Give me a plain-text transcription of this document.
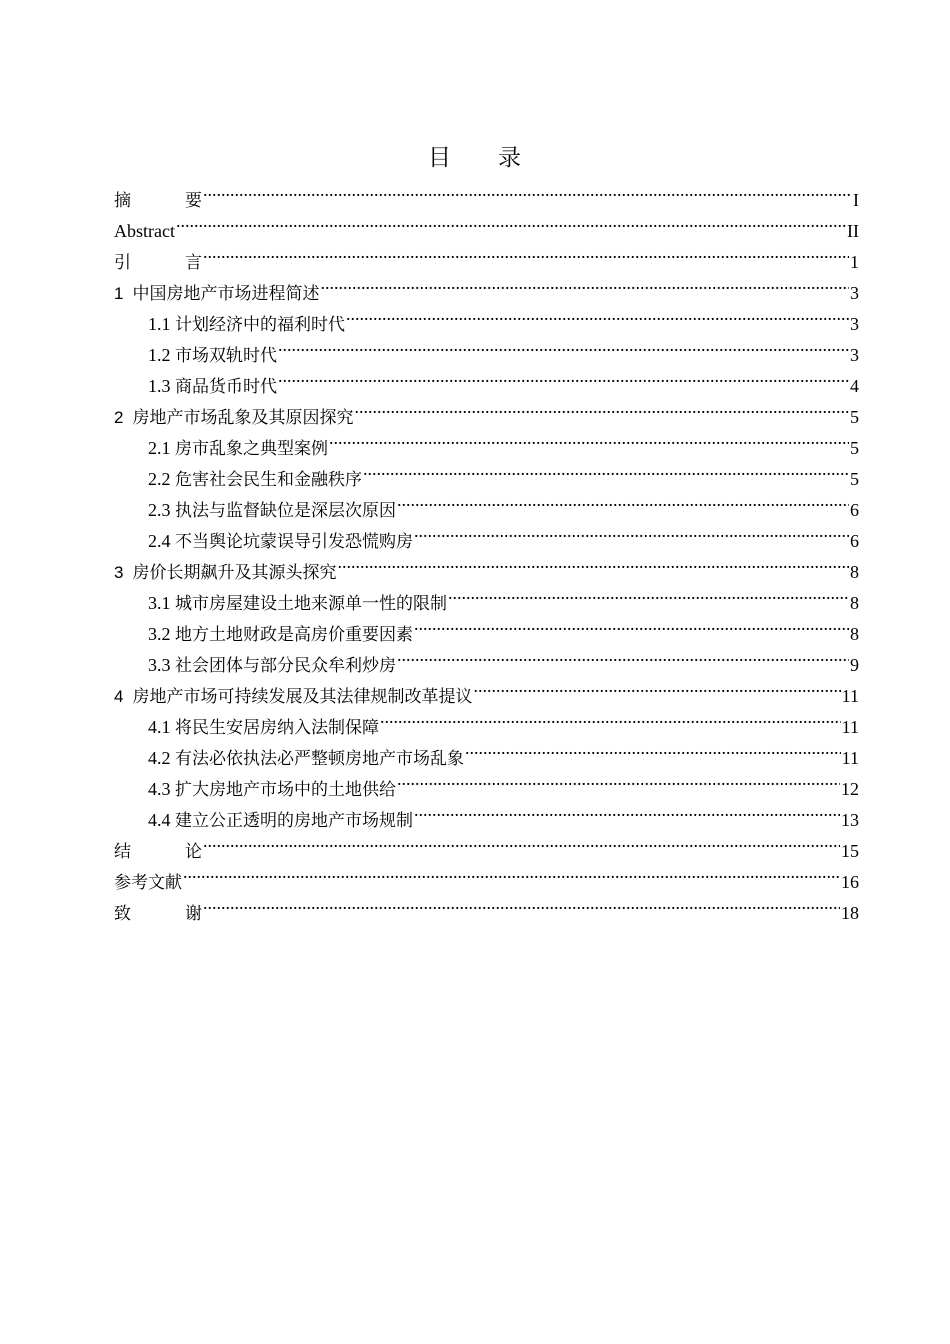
目 录
摘	要 .....	I
Abstract .....	II
引	言 .....	1
1 中国房地产市场进程简述 .....	3
1.1 计划经济中的福利时代 .....	3
1.2 市场双轨时代 .....	3
1.3 商品货币时代 .....	4
2 房地产市场乱象及其原因探究 .....	5
2.1 房市乱象之典型案例 .....	5
2.2 危害社会民生和金融秩序 .....	5
2.3 执法与监督缺位是深层次原因 .....	6
2.4 不当舆论坑蒙误导引发恐慌购房 .....	6
3 房价长期飙升及其源头探究 .....	8
3.1 城市房屋建设土地来源单一性的限制 .....	8
3.2 地方土地财政是高房价重要因素 .....	8
3.3 社会团体与部分民众牟利炒房 .....	9
4 房地产市场可持续发展及其法律规制改革提议 .....	11
4.1 将民生安居房纳入法制保障 .....	11
4.2 有法必依执法必严整顿房地产市场乱象 .....	11
4.3 扩大房地产市场中的土地供给 .....	12
4.4 建立公正透明的房地产市场规制 .....	13
结	论 .....	15
参考文献 .....	16
致	谢 .....	18
